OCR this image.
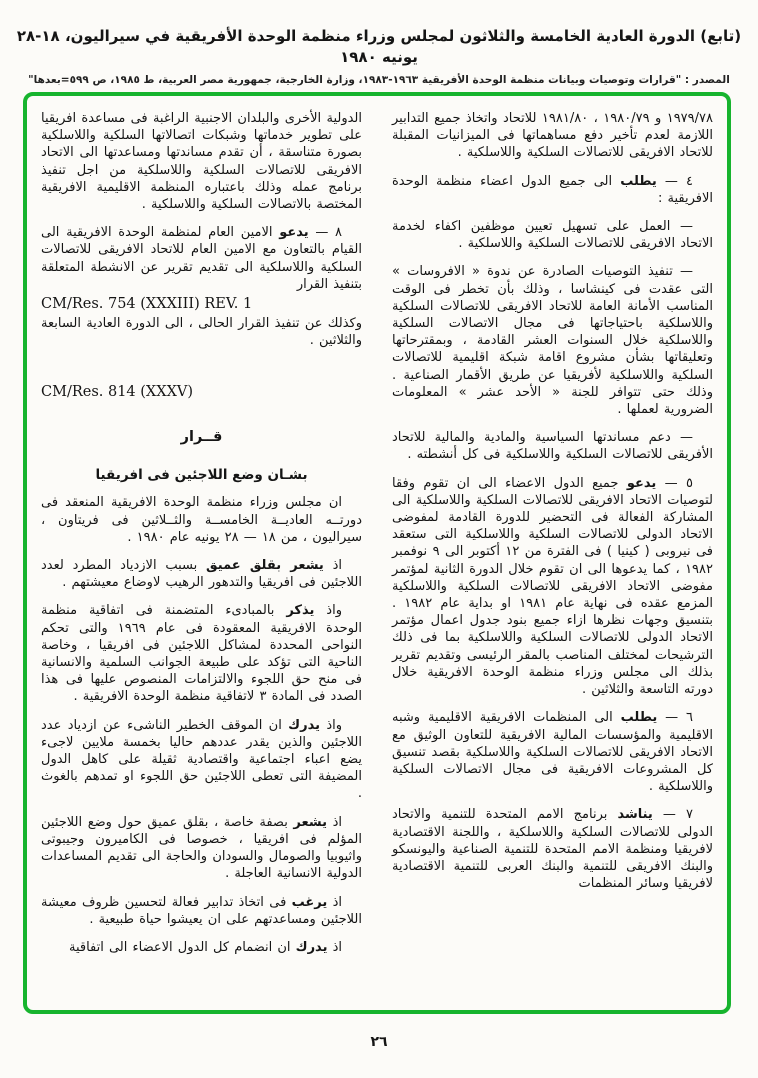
(تابع) الدورة العادية الخامسة والثلاثون لمجلس وزراء منظمة الوحدة الأفريقية في سيراليون، ١٨-٢٨ يونيه ١٩٨٠
المصدر : "قرارات وتوصيات وبيانات منظمة الوحدة الأفريقية ١٩٦٣-١٩٨٣، وزارة الخارجية، جمهورية مصر العربية، ط ١٩٨٥، ص ٥٩٩=بعدها"

١٩٧٩/٧٨ و ١٩٨٠/٧٩ ، ١٩٨١/٨٠ للاتحاد واتخاذ جميع التدابير اللازمة لعدم تأخير دفع مساهماتها فى الميزانيات المقبلة للاتحاد الافريقى للاتصالات السلكية واللاسلكية .

٤ — يطلب الى جميع الدول اعضاء منظمة الوحدة الافريقية :

— العمل على تسهيل تعيين موظفين اكفاء لخدمة الاتحاد الافريقى للاتصالات السلكية واللاسلكية .

— تنفيذ التوصيات الصادرة عن ندوة « الافروسات » التى عقدت فى كينشاسا ، وذلك بأن تخطر فى الوقت المناسب الأمانة العامة للاتحاد الافريقى للاتصالات السلكية واللاسلكية باحتياجاتها فى مجال الاتصالات السلكية واللاسلكية خلال السنوات العشر القادمة ، وبمقترحاتها وتعليقاتها بشأن مشروع اقامة شبكة اقليمية للاتصالات السلكية واللاسلكية لأفريقيا عن طريق الأقمار الصناعية . وذلك حتى تتوافر للجنة « الأحد عشر » المعلومات الضرورية لعملها .

— دعم مساندتها السياسية والمادية والمالية للاتحاد الأفريقى للاتصالات السلكية واللاسلكية فى كل أنشطته .

٥ — يدعو جميع الدول الاعضاء الى ان تقوم وفقا لتوصيات الاتحاد الافريقى للاتصالات السلكية واللاسلكية الى المشاركة الفعالة فى التحضير للدورة القادمة لمفوضى الاتحاد الدولى للاتصالات السلكية واللاسلكية التى ستعقد فى نيروبى ( كينيا ) فى الفترة من ١٢ أكتوبر الى ٩ نوفمبر ١٩٨٢ ، كما يدعوها الى ان تقوم خلال الدورة الثانية لمؤتمر مفوضى الاتحاد الافريقى للاتصالات السلكية واللاسلكية المزمع عقده فى نهاية عام ١٩٨١ او بداية عام ١٩٨٢ . بتنسيق وجهات نظرها ازاء جميع بنود جدول اعمال مؤتمر الاتحاد الدولى للاتصالات السلكية واللاسلكية بما فى ذلك الترشيحات لمختلف المناصب بالمقر الرئيسى وتقديم تقرير بذلك الى مجلس وزراء منظمة الوحدة الافريقية خلال دورته التاسعة والثلاثين .

٦ — يطلب الى المنظمات الافريقية الاقليمية وشبه الاقليمية والمؤسسات المالية الافريقية للتعاون الوثيق مع الاتحاد الافريقى للاتصالات السلكية واللاسلكية بقصد تنسيق كل المشروعات الافريقية فى مجال الاتصالات السلكية واللاسلكية .

٧ — يناشد برنامج الامم المتحدة للتنمية والاتحاد الدولى للاتصالات السلكية واللاسلكية ، واللجنة الاقتصادية لافريقيا ومنظمة الامم المتحدة للتنمية الصناعية واليونسكو والبنك الافريقى للتنمية والبنك العربى للتنمية الاقتصادية لافريقيا وسائر المنظمات

الدولية الأخرى والبلدان الاجنبية الراغبة فى مساعدة افريقيا على تطوير خدماتها وشبكات اتصالاتها السلكية واللاسلكية بصورة متناسقة ، أن تقدم مساندتها ومساعدتها الى الاتحاد الافريقى للاتصالات السلكية واللاسلكية من اجل تنفيذ برنامج عمله وذلك باعتباره المنظمة الاقليمية الافريقية المختصة بالاتصالات السلكية واللاسلكية .

٨ — يدعو الامين العام لمنظمة الوحدة الافريقية الى القيام بالتعاون مع الامين العام للاتحاد الافريقى للاتصالات السلكية واللاسلكية الى تقديم تقرير عن الانشطة المتعلقة بتنفيذ القرار

CM/Res. 754 (XXXIII) REV. 1

وكذلك عن تنفيذ القرار الحالى ، الى الدورة العادية السابعة والثلاثين .

CM/Res. 814 (XXXV)
قــرار
بشـان وضع اللاجئين فى افريقيا

ان مجلس وزراء منظمة الوحدة الافريقية المنعقد فى دورتــه العاديــة الخامســة والثــلاثين فى فريتاون ، سيراليون ، من ١٨ — ٢٨ يونيه عام ١٩٨٠ .

اذ يشعر بقلق عميق بسبب الازدياد المطرد لعدد اللاجئين فى افريقيا والتدهور الرهيب لاوضاع معيشتهم .

واذ يذكر بالمبادىء المتضمنة فى اتفاقية منظمة الوحدة الافريقية المعقودة فى عام ١٩٦٩ والتى تحكم النواحى المحددة لمشاكل اللاجئين فى افريقيا ، وخاصة الناحية التى تؤكد على طبيعة الجوانب السلمية والانسانية فى منح حق اللجوء والالتزامات المنصوص عليها فى هذا الصدد فى المادة ٣ لاتفاقية منظمة الوحدة الافريقية .

واذ يدرك ان الموقف الخطير الناشىء عن ازدياد عدد اللاجئين والذين يقدر عددهم حاليا بخمسة ملايين لاجىء يضع اعباء اجتماعية واقتصادية ثقيلة على كاهل الدول المضيفة التى تعطى اللاجئين حق اللجوء او تمدهم بالغوث .

اذ يشعر بصفة خاصة ، بقلق عميق حول وضع اللاجئين المؤلم فى افريقيا ، خصوصا فى الكاميرون وجيبوتى واثيوبيا والصومال والسودان والحاجة الى تقديم المساعدات الدولية الانسانية العاجلة .

اذ يرغب فى اتخاذ تدابير فعالة لتحسين ظروف معيشة اللاجئين ومساعدتهم على ان يعيشوا حياة طبيعية .

اذ يدرك ان انضمام كل الدول الاعضاء الى اتفاقية

٢٦
